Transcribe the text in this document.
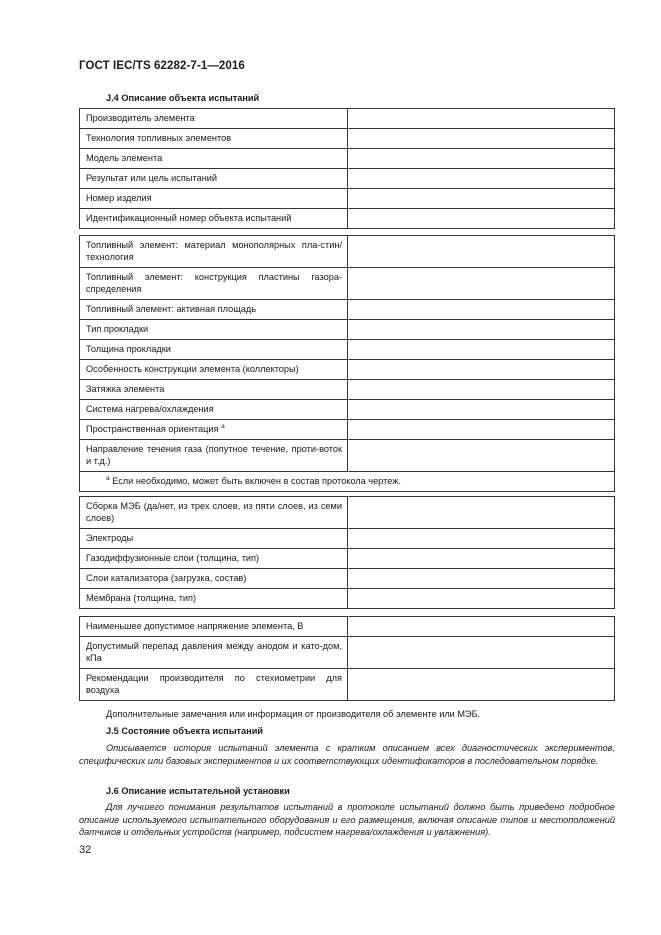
ГОСТ IEC/TS 62282-7-1—2016
J.4 Описание объекта испытаний
Производитель элемента	
Технология топливных элементов	
Модель элемента	
Результат или цель испытаний	
Номер изделия	
Идентификационный номер объекта испытаний	
Топливный элемент: материал монополярных пла-стин/технология	
Топливный элемент: конструкция пластины газора-спределения	
Топливный элемент: активная площадь	
Тип прокладки	
Толщина прокладки	
Особенность конструкции элемента (коллекторы)	
Затяжка элемента	
Система нагрева/охлаждения	
Пространственная ориентация $^a$	
Направление течения газа (попутное течение, проти-воток и т.д.)	
$^a$ Если необходимо, может быть включен в состав протокола чертеж.	
Сборка МЭБ (да/нет, из трех слоев, из пяти слоев, из семи слоев)	
Электроды	
Газодиффузионные слои (толщина, тип)	
Слои катализатора (загрузка, состав)	
Мембрана (толщина, тип)	
Наименьшее допустимое напряжение элемента, В	
Допустимый перепад давления между анодом и като-дом, кПа	
Рекомендации производителя по стехиометрии для воздуха	
Дополнительные замечания или информация от производителя об элементе или МЭБ.
J.5 Состояние объекта испытаний
Описывается история испытаний элемента с кратким описанием всех диагностических экспериментов, специфических или базовых экспериментов и их соответствующих идентификаторов в последовательном порядке.
J.6 Описание испытательной установки
Для лучшего понимания результатов испытаний в протоколе испытаний должно быть приведено подробное описание используемого испытательного оборудования и его размещения, включая описание типов и местоположений датчиков и отдельных устройств (например, подсистем нагрева/охлаждения и увлажнения).
32
